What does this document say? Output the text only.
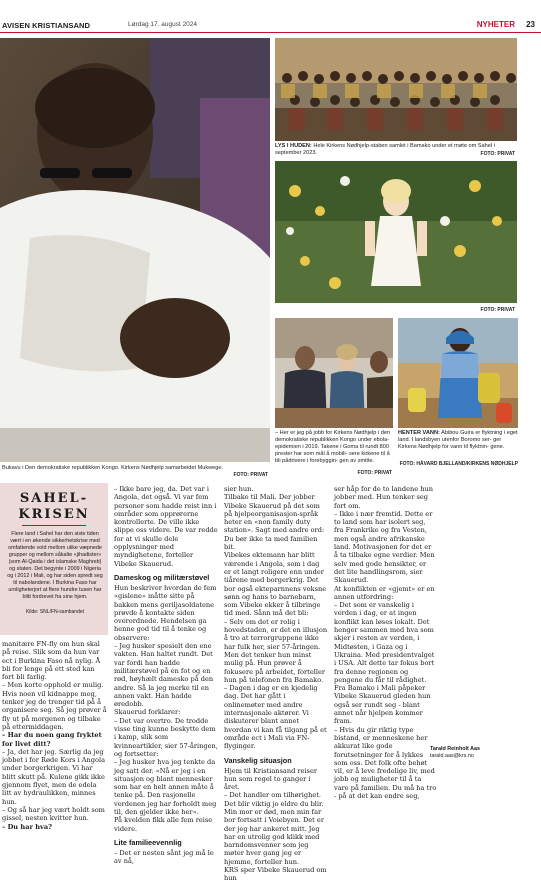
AVISEN KRISTIANSAND	Lørdag 17. august 2024	NYHETER 23
Bukavu i Den demokratiske republikken Kongo. Kirkens Nødhjelp samarbeidet Mukwege.
FOTO: PRIVAT
LYS I HUDEN: Hele Kirkens Nødhjelp-staben samlet i Bamako under et møte om Sahel i september 2023.	FOTO: PRIVAT
FOTO: PRIVAT
– Her er jeg på jobb for Kirkens Nødhjelp i den demokratiske republikken Kongo under ebola- epidemien i 2019. Takene i Goma til rundt 800 prester har som mål å mobili- sere kirkene til å bli pådrivere i forebyggin- gen av smitte.
FOTO: PRIVAT
HENTER VANN: Abibou Guira er flyktning i eget land. I landsbyen utenfor Boromo ser- ger Kirkens Nødhjelp for vann til flyktnin- gene.
FOTO: HÅVARD BJELLAND/KIRKENS NØDHJELP
SAHEL-
KRISEN
Flere land i Sahel har den siste tiden vært i en økende sikkerhetskrise med omfattende vold mellom ulike væpnede grupper og mellom såkalte «jihadister» (som Al-Qaida i det islamske Maghreb) og staten. Det begynte i 2009 i Nigeria og i 2012 i Mali, og har siden spredt seg til nabolandene. I Burkina Faso har uroligheterjort at flere hundre tusen har blitt fordrevet fra sine hjem.
Kilde: SNL/FN-sambandet

manitære FN-fly om hun skal på reise. Slik som da hun var ect i Burkina Faso nå nylig. Å bli for lenge på ett sted kan fort bli farlig.

– Men korte opphold er mulig. Hvis noen vil kidnappe meg, tenker jeg de trenger tid på å organisere seg. Så jeg prøver å fly ut på morgenen og tilbake på ettermiddagen.

– Har du noen gang fryktet for livet ditt?

– Ja, det har jeg. Særlig da jeg jobbet i for Røde Kors i Angola under borgerkrigen. Vi har blitt skutt på. Kulene gikk ikke gjennom flyet, men de edela litt av hydraulikken, minnes hun.

– Og så har jeg vært holdt som gissel, nesten kvitter hun.

– Du har hva?

– Ikke bare jeg, da. Det var i Angola, det også. Vi var fem personer som hadde reist inn i områder som opprørerne kontrollerte. De ville ikke slippe oss videre. De var redde for at vi skulle dele opplysninger med myndighetene, forteller Vibeke Skauerud.

Dameskog og militærstøvel

Hun beskriver hvordan de fem «gislene» måtte sitte på bakken mens geriljasoldatene prøvde å kontakte siden overordnede. Hendelsen ga henne god tid til å tenke og observere:

– Jeg husker spesielt den ene vakten. Han haltet rundt. Det var fordi han hadde militærstøvel på én fot og en rød, høyhælt dameskо på den andre. Så la jeg merke til en annen vakt. Han hadde øredobb.

Skauerud forklarer:

– Det var overtro. De trodde visse ting kunne beskytte dem i kamp, slik som kvinneartikler, sier 57-åringen, og fortsetter:

– Jeg husker hva jeg tenkte da jeg satt der. «Nå er jeg i en situasjon og blant mennesker som har en helt annen måte å tenke på. Den rasjonelle verdenen jeg har forholdt meg til, den gjelder ikke her».

På kvelden fikk alle fem reise videre.

Lite familieevennlig

– Det er nesten sånt jeg må le av nå,

sier hun.

Tilbake til Mali. Der jobber Vibeke Skauerud på det som på hjelpeorganisasjon-språk heter en «non family duty station». Sagt med andre ord: Du bør ikke ta med familien bit.

Vibekes ektemann har blitt værende i Angola, som i dag er et langt roligere enn under tiårene med borgerkrig. Det bor også ekteparnnens voksne sønn og hans to barnebarn, som Vibeke ekker å tilbringe tid med. Sånn må det bli:

– Selv om det er rolig i hovedstaden, er det en illusjon å tro at terrorgruppene ikke har fulk her, sier 57-åringen.

Men det tenker hun minst mulig på. Hun prøver å fokusere på arbeidet, forteller hun på telefonen fra Bamako.

– Dagen i dag er en kjedelig dag. Det har gått i onlinemøter med andre internasjonale aktører. Vi diskuterer blant annet hvordan vi kan få tilgang på et område ect i Mali via FN-flyginger.

Vanskelig situasjon

Hjem til Kristiansand reiser hun som regel to ganger i året.

– Det handler om tilhørighet. Det blir viktig jo eldre du blir. Min mor er død, men min far bor fortsatt i Voiebyen. Det er der jeg har ankeret mitt. Jeg har en utrolig god klikk med barndomsvenner som jeg møter hver gang jeg er hjemme, forteller hun.

KRS sper Vibeke Skauerud om hun

ser håp for de to landene hun jobber med. Hun tenker seg fort om.

– Ikke i nær fremtid. Dette er to land som har isolert seg, fra Frankrike og fra Vesten, men også andre afrikanske land. Motivasjonen for det er å ta tilbake egne verdier. Men selv med gode hensikter, er det lite handlingsrom, sier Skauerud.

At konflikten er «gjemt» er en annen utfordring:

– Det som er vanskelig i verden i dag, er at ingen konflikt kan løses lokalt. Det henger sammen med hva som skjer i resten av verden, i Midtøsten, i Gaza og i Ukraina. Med presidentvalget i USA. Alt dette tar fokus bort fra denne regionen og pengene du får til rådighet.

Fra Bamako i Mali påpeker Vibeke Skauerud gleden hun også ser rundt seg - blant annet når hjelpen kommer fram.

– Hvis du gir riktig type bistand, er menneskene her akkurat like gode forutsetninger for å lykkes som oss. Det folk ofte behøt vil, er å leve fredelige liv, med jobb og muligheter til å ta vare på familien. Du må ha tro - på at det kan endre seg,

Tarald Reinholt Aas
tarald.aas@krs.no
